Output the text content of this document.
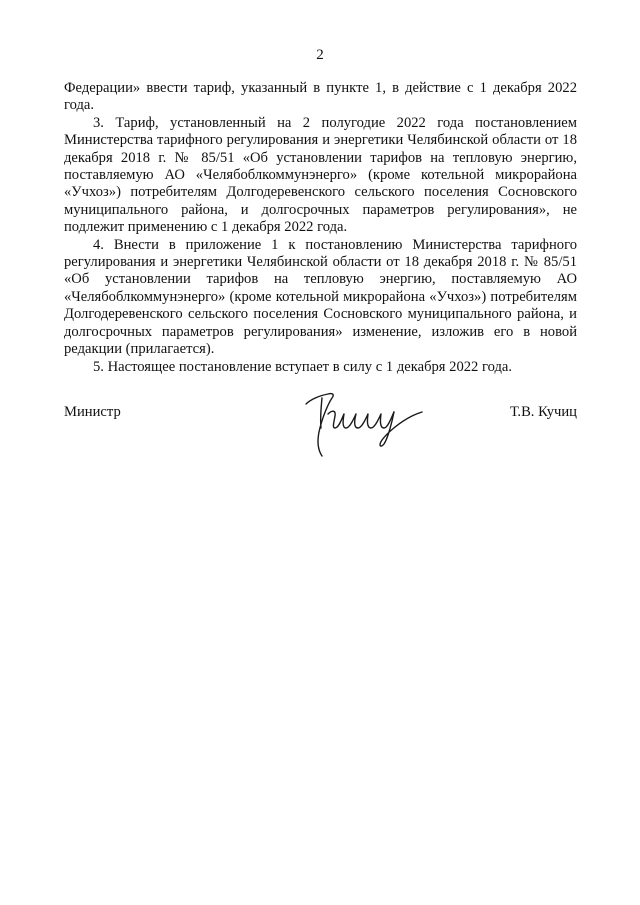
2

Федерации» ввести тариф, указанный в пункте 1, в действие с 1 декабря 2022 года.

3. Тариф, установленный на 2 полугодие 2022 года постановлением Министерства тарифного регулирования и энергетики Челябинской области от 18 декабря 2018 г. № 85/51 «Об установлении тарифов на тепловую энергию, поставляемую АО «Челябоблкоммунэнерго» (кроме котельной микрорайона «Учхоз») потребителям Долгодеревенского сельского поселения Сосновского муниципального района, и долгосрочных параметров регулирования», не подлежит применению с 1 декабря 2022 года.

4. Внести в приложение 1 к постановлению Министерства тарифного регулирования и энергетики Челябинской области от 18 декабря 2018 г. № 85/51 «Об установлении тарифов на тепловую энергию, поставляемую АО «Челябоблкоммунэнерго» (кроме котельной микрорайона «Учхоз») потребителям Долгодеревенского сельского поселения Сосновского муниципального района, и долгосрочных параметров регулирования» изменение, изложив его в новой редакции (прилагается).

5. Настоящее постановление вступает в силу с 1 декабря 2022 года.

Министр	Т.В. Кучиц
